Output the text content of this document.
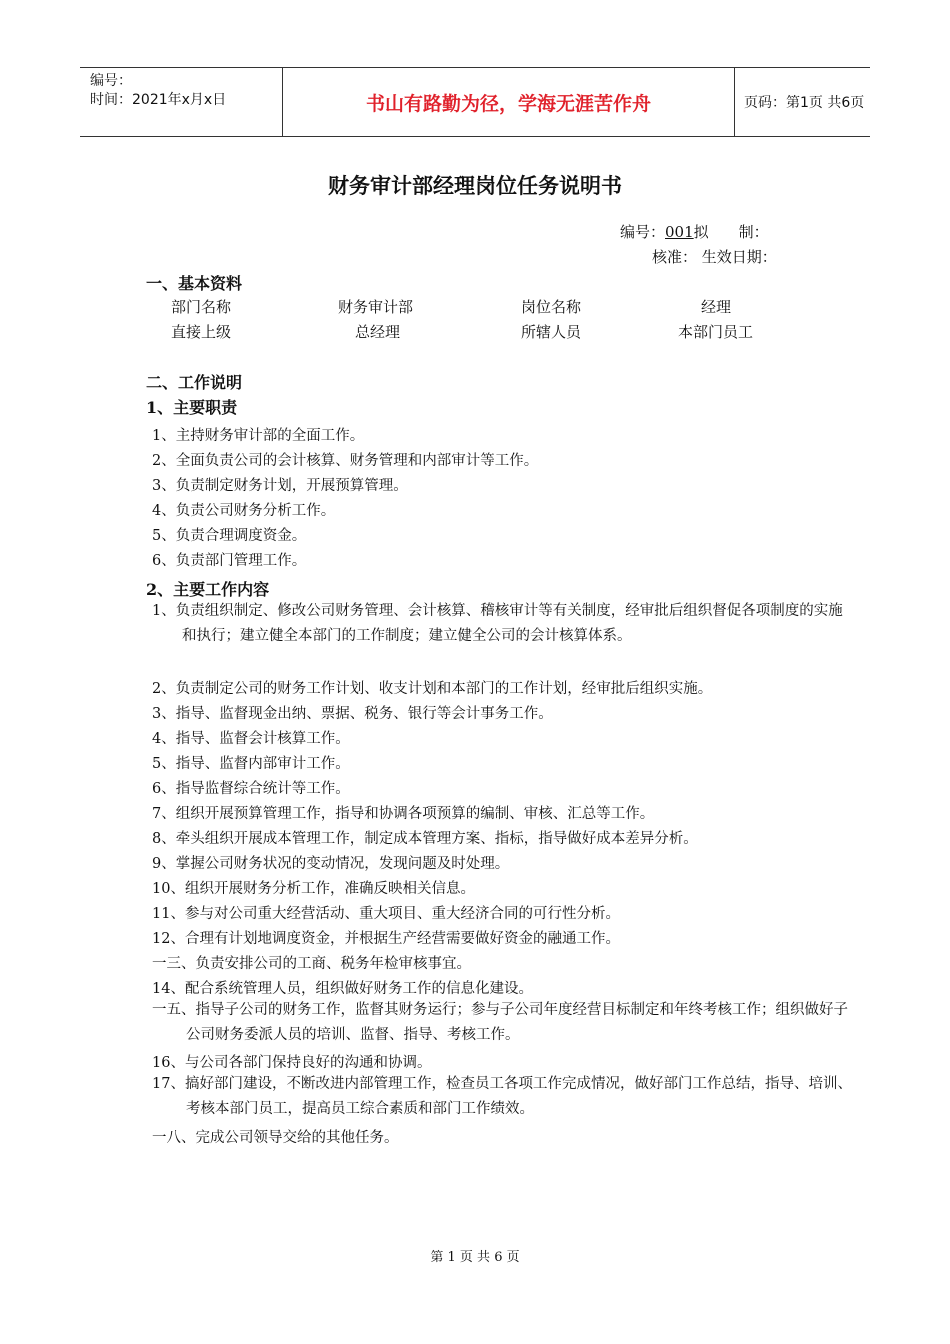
编号：
时间：2021年x月x日	书山有路勤为径，学海无涯苦作舟	页码：第1页 共6页
财务审计部经理岗位任务说明书
编号：001拟　　制：
核准： 生效日期：
一、基本资料
部门名称	财务审计部	岗位名称	经理
直接上级	总经理	所辖人员	本部门员工
二、工作说明
1、主要职责
1、主持财务审计部的全面工作。
2、全面负责公司的会计核算、财务管理和内部审计等工作。
3、负责制定财务计划，开展预算管理。
4、负责公司财务分析工作。
5、负责合理调度资金。
6、负责部门管理工作。
2、主要工作内容
1、负责组织制定、修改公司财务管理、会计核算、稽核审计等有关制度，经审批后组织督促各项制度的实施和执行；建立健全本部门的工作制度；建立健全公司的会计核算体系。
2、负责制定公司的财务工作计划、收支计划和本部门的工作计划，经审批后组织实施。
3、指导、监督现金出纳、票据、税务、银行等会计事务工作。
4、指导、监督会计核算工作。
5、指导、监督内部审计工作。
6、指导监督综合统计等工作。
7、组织开展预算管理工作，指导和协调各项预算的编制、审核、汇总等工作。
8、牵头组织开展成本管理工作，制定成本管理方案、指标，指导做好成本差异分析。
9、掌握公司财务状况的变动情况，发现问题及时处理。
10、组织开展财务分析工作，准确反映相关信息。
11、参与对公司重大经营活动、重大项目、重大经济合同的可行性分析。
12、合理有计划地调度资金，并根据生产经营需要做好资金的融通工作。
一三、负责安排公司的工商、税务年检审核事宜。
14、配合系统管理人员，组织做好财务工作的信息化建设。
一五、指导子公司的财务工作，监督其财务运行；参与子公司年度经营目标制定和年终考核工作；组织做好子公司财务委派人员的培训、监督、指导、考核工作。
16、与公司各部门保持良好的沟通和协调。
17、搞好部门建设，不断改进内部管理工作，检查员工各项工作完成情况，做好部门工作总结，指导、培训、考核本部门员工，提高员工综合素质和部门工作绩效。
一八、完成公司领导交给的其他任务。
第 1 页 共 6 页
